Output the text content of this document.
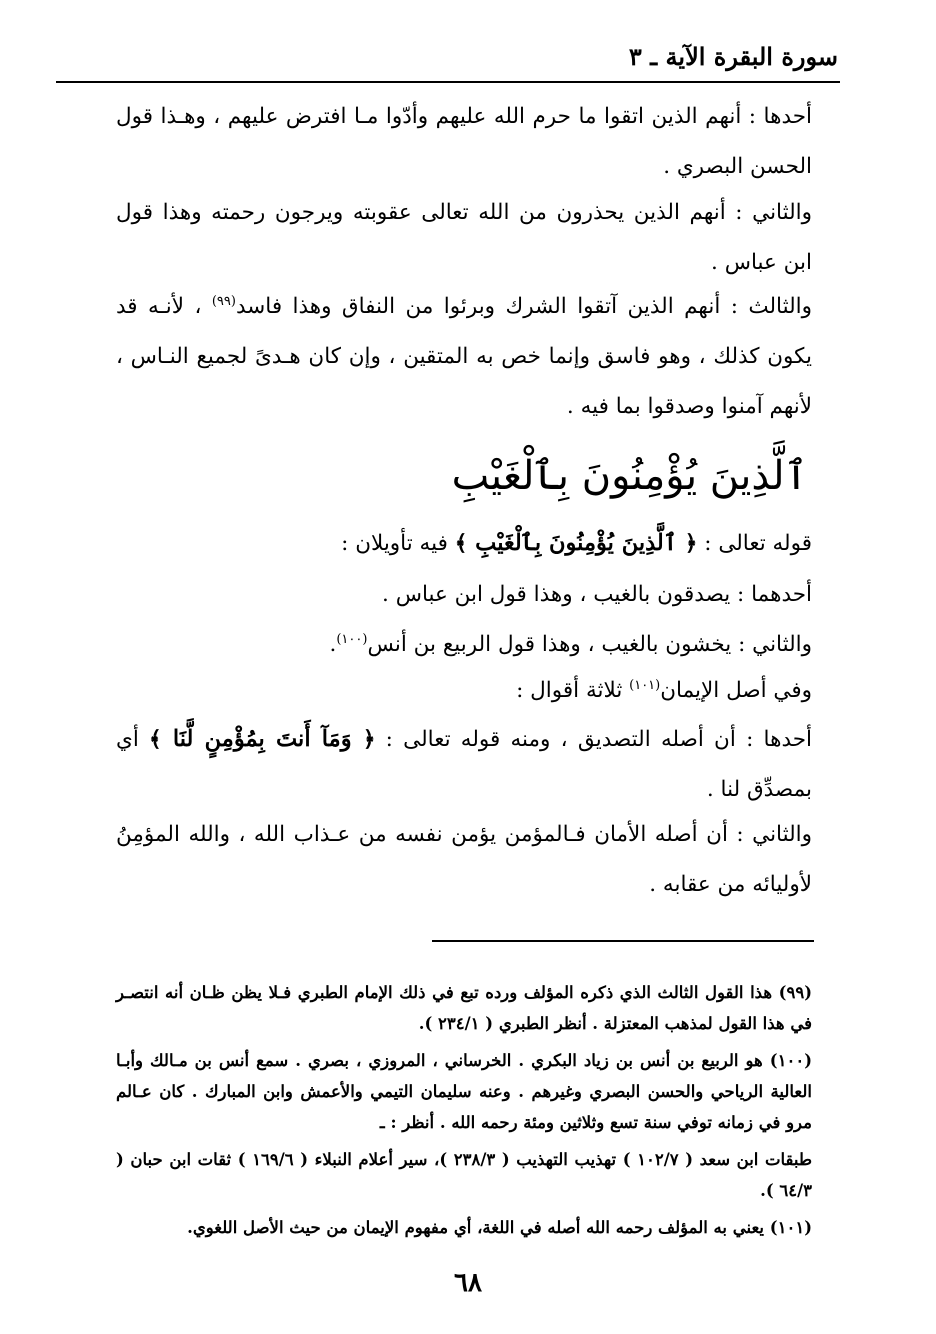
سورة البقرة الآية ـ ٣

أحدها : أنهم الذين اتقوا ما حرم الله عليهم وأدّوا مـا افترض عليهم ، وهـذا قول الحسن البصري .

والثاني : أنهم الذين يحذرون من الله تعالى عقوبته ويرجون رحمته وهذا قول ابن عباس .

والثالث : أنهم الذين آتقوا الشرك وبرئوا من النفاق وهذا فاسد$^{(٩٩)}$ ، لأنـه قد يكون كذلك ، وهو فاسق وإنما خص به المتقين ، وإن كان هـدىً لجميع النـاس ، لأنهم آمنوا وصدقوا بما فيه .

ٱلَّذِينَ يُؤْمِنُونَ بِٱلْغَيْبِ
قوله تعالى : ﴿ ٱلَّذِينَ يُؤْمِنُونَ بِٱلْغَيْبِ ﴾ فيه تأويلان :
أحدهما : يصدقون بالغيب ، وهذا قول ابن عباس .
والثاني : يخشون بالغيب ، وهذا قول الربيع بن أنس$^{(١٠٠)}$.
وفي أصل الإيمان$^{(١٠١)}$ ثلاثة أقوال :
أحدها : أن أصله التصديق ، ومنه قوله تعالى : ﴿ وَمَآ أَنتَ بِمُؤْمِنٍ لَّنَا ﴾ أي بمصدِّق لنا .
والثاني : أن أصله الأمان فـالمؤمن يؤمن نفسه من عـذاب الله ، والله المؤمِنُ لأوليائه من عقابه .

(٩٩) هذا القول الثالث الذي ذكره المؤلف ورده تبع في ذلك الإمام الطبري فـلا يظن ظـان أنه انتصـر في هذا القول لمذهب المعتزلة . أنظر الطبري ( ٢٣٤/١ ).

(١٠٠) هو الربيع بن أنس بن زياد البكري . الخرساني ، المروزي ، بصري . سمع أنس بن مـالك وأبـا العالية الرياحي والحسن البصري وغيرهم . وعنه سليمان التيمي والأعمش وابن المبارك . كان عـالم مرو في زمانه توفي سنة تسع وثلاثين ومئة رحمه الله . أنظر : ـ

طبقات ابن سعد ( ١٠٢/٧ ) تهذيب التهذيب ( ٢٣٨/٣ )، سير أعلام النبلاء ( ١٦٩/٦ ) ثقات ابن حبان ( ٦٤/٣ ).

(١٠١) يعني به المؤلف رحمه الله أصله في اللغة، أي مفهوم الإيمان من حيث الأصل اللغوي.

٦٨
